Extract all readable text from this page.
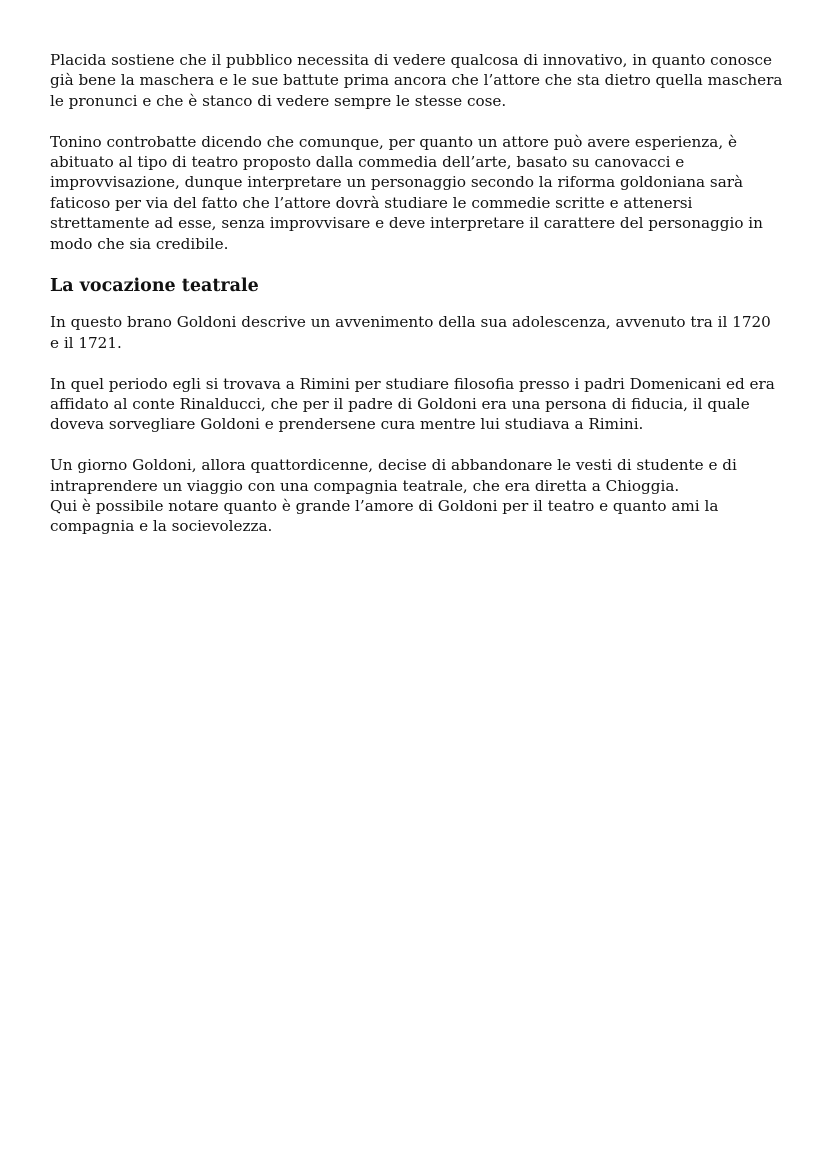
Placida sostiene che il pubblico necessita di vedere qualcosa di innovativo, in quanto conosce
già bene la maschera e le sue battute prima ancora che l’attore che sta dietro quella maschera
le pronunci e che è stanco di vedere sempre le stesse cose.

Tonino controbatte dicendo che comunque, per quanto un attore può avere esperienza, è
abituato al tipo di teatro proposto dalla commedia dell’arte, basato su canovacci e
improvvisazione, dunque interpretare un personaggio secondo la riforma goldoniana sarà
faticoso per via del fatto che l’attore dovrà studiare le commedie scritte e attenersi
strettamente ad esse, senza improvvisare e deve interpretare il carattere del personaggio in
modo che sia credibile.

La vocazione teatrale

In questo brano Goldoni descrive un avvenimento della sua adolescenza, avvenuto tra il 1720
e il 1721.

In quel periodo egli si trovava a Rimini per studiare filosofia presso i padri Domenicani ed era
affidato al conte Rinalducci, che per il padre di Goldoni era una persona di fiducia, il quale
doveva sorvegliare Goldoni e prendersene cura mentre lui studiava a Rimini.

Un giorno Goldoni, allora quattordicenne, decise di abbandonare le vesti di studente e di
intraprendere un viaggio con una compagnia teatrale, che era diretta a Chioggia.
Qui è possibile notare quanto è grande l’amore di Goldoni per il teatro e quanto ami la
compagnia e la socievolezza.
